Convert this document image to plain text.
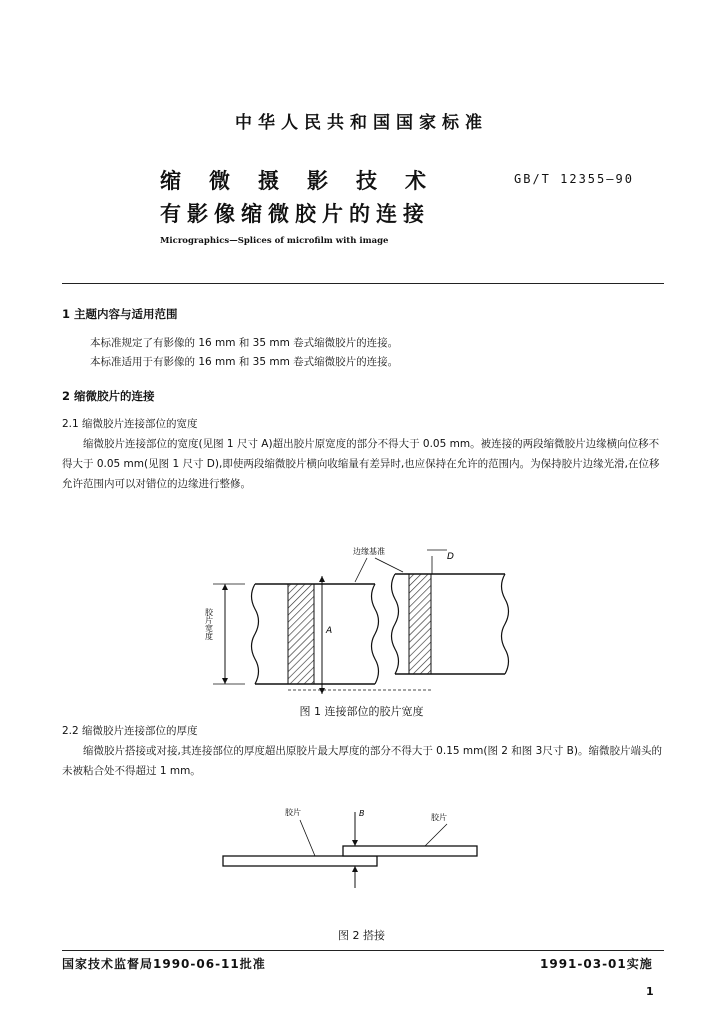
中华人民共和国国家标准
缩微摄影技术
有影像缩微胶片的连接
GB/T 12355—90
Micrographics—Splices of microfilm with image
1 主题内容与适用范围
本标准规定了有影像的 16 mm 和 35 mm 卷式缩微胶片的连接。
本标准适用于有影像的 16 mm 和 35 mm 卷式缩微胶片的连接。
2 缩微胶片的连接
2.1 缩微胶片连接部位的宽度
缩微胶片连接部位的宽度(见图 1 尺寸 A)超出胶片原宽度的部分不得大于 0.05 mm。被连接的两段缩微胶片边缘横向位移不得大于 0.05 mm(见图 1 尺寸 D),即使两段缩微胶片横向收缩量有差异时,也应保持在允许的范围内。为保持胶片边缘光滑,在位移允许范围内可以对错位的边缘进行整修。
边缘基准
D
A
胶片宽度
图 1 连接部位的胶片宽度
2.2 缩微胶片连接部位的厚度
缩微胶片搭接或对接,其连接部位的厚度超出原胶片最大厚度的部分不得大于 0.15 mm(图 2 和图 3尺寸 B)。缩微胶片端头的未被粘合处不得超过 1 mm。
胶片	B	胶片
图 2 搭接
国家技术监督局1990-06-11批准	1991-03-01实施
1
